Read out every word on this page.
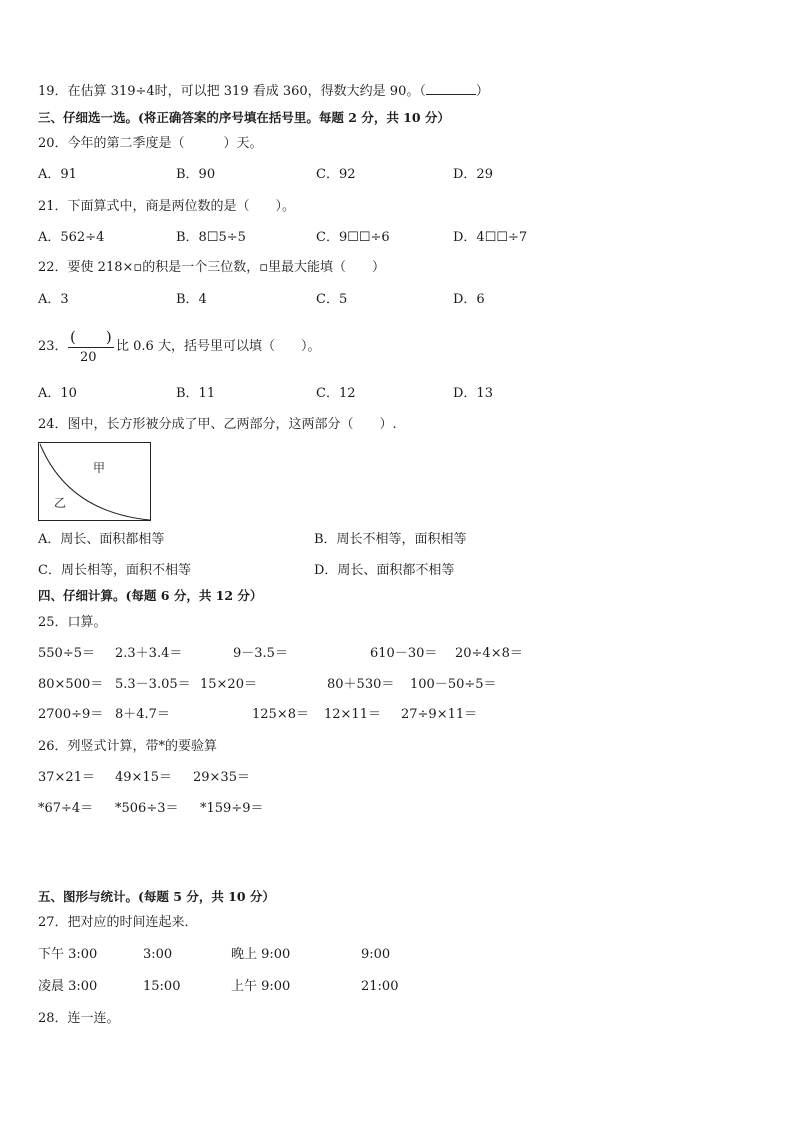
19．在估算 319÷4时，可以把 319 看成 360，得数大约是 90。（	）
三、仔细选一选。(将正确答案的序号填在括号里。每题 2 分，共 10 分）
20．今年的第二季度是（　　　）天。
A．91	B．90	C．92	D．29
21．下面算式中，商是两位数的是（　　）。
A．562÷4	B．8☐5÷5	C．9☐☐÷6	D．4☐☐÷7
22．要使 218×▫的积是一个三位数，▫里最大能填（　　）
A．3	B．4	C．5	D．6
23．
(　　)
20
比 0.6 大，括号里可以填（　　）。
A．10	B．11	C．12	D．13
24．图中，长方形被分成了甲、乙两部分，这两部分（　　）.
甲
乙
A．周长、面积都相等	B．周长不相等，面积相等
C．周长相等，面积不相等	D．周长、面积都不相等
四、仔细计算。(每题 6 分，共 12 分）
25．口算。
550÷5＝ 2.3＋3.4＝	9－3.5＝	610－30＝ 20÷4×8＝
80×500＝ 5.3－3.05＝ 15×20＝	80＋530＝ 100－50÷5＝
2700÷9＝ 8＋4.7＝	125×8＝ 12×11＝ 27÷9×11＝
26．列竖式计算，带*的要验算
37×21＝ 49×15＝ 29×35＝
*67÷4＝ *506÷3＝ *159÷9＝
五、图形与统计。(每题 5 分，共 10 分）
27．把对应的时间连起来．
下午 3:00	3:00	晚上 9:00	9:00
凌晨 3:00	15:00	上午 9:00	21:00
28．连一连。
